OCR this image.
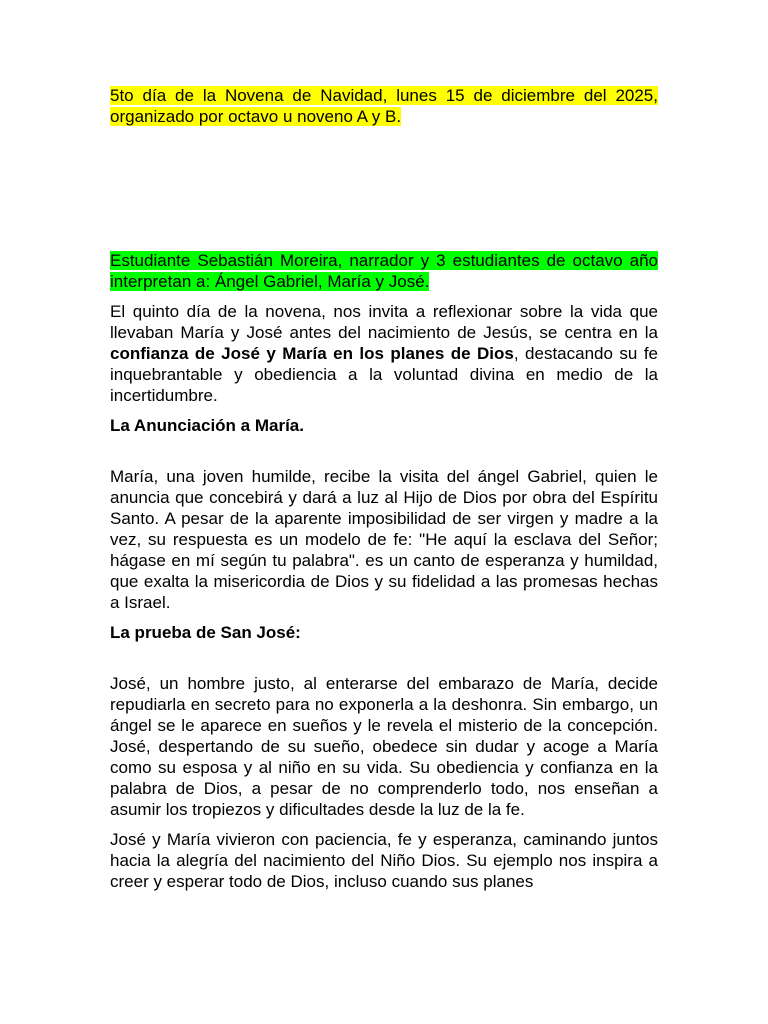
5to día de la Novena de Navidad, lunes 15 de diciembre del 2025, organizado por octavo u noveno A y B.

Estudiante Sebastián Moreira, narrador y 3 estudiantes de octavo año interpretan a: Ángel Gabriel, María y José.

El quinto día de la novena, nos invita a reflexionar sobre la vida que llevaban María y José antes del nacimiento de Jesús, se centra en la confianza de José y María en los planes de Dios, destacando su fe inquebrantable y obediencia a la voluntad divina en medio de la incertidumbre.

La Anunciación a María.

María, una joven humilde, recibe la visita del ángel Gabriel, quien le anuncia que concebirá y dará a luz al Hijo de Dios por obra del Espíritu Santo. A pesar de la aparente imposibilidad de ser virgen y madre a la vez, su respuesta es un modelo de fe: "He aquí la esclava del Señor; hágase en mí según tu palabra". es un canto de esperanza y humildad, que exalta la misericordia de Dios y su fidelidad a las promesas hechas a Israel.

La prueba de San José:

José, un hombre justo, al enterarse del embarazo de María, decide repudiarla en secreto para no exponerla a la deshonra. Sin embargo, un ángel se le aparece en sueños y le revela el misterio de la concepción. José, despertando de su sueño, obedece sin dudar y acoge a María como su esposa y al niño en su vida. Su obediencia y confianza en la palabra de Dios, a pesar de no comprenderlo todo, nos enseñan a asumir los tropiezos y dificultades desde la luz de la fe.

José y María vivieron con paciencia, fe y esperanza, caminando juntos hacia la alegría del nacimiento del Niño Dios. Su ejemplo nos inspira a creer y esperar todo de Dios, incluso cuando sus planes
